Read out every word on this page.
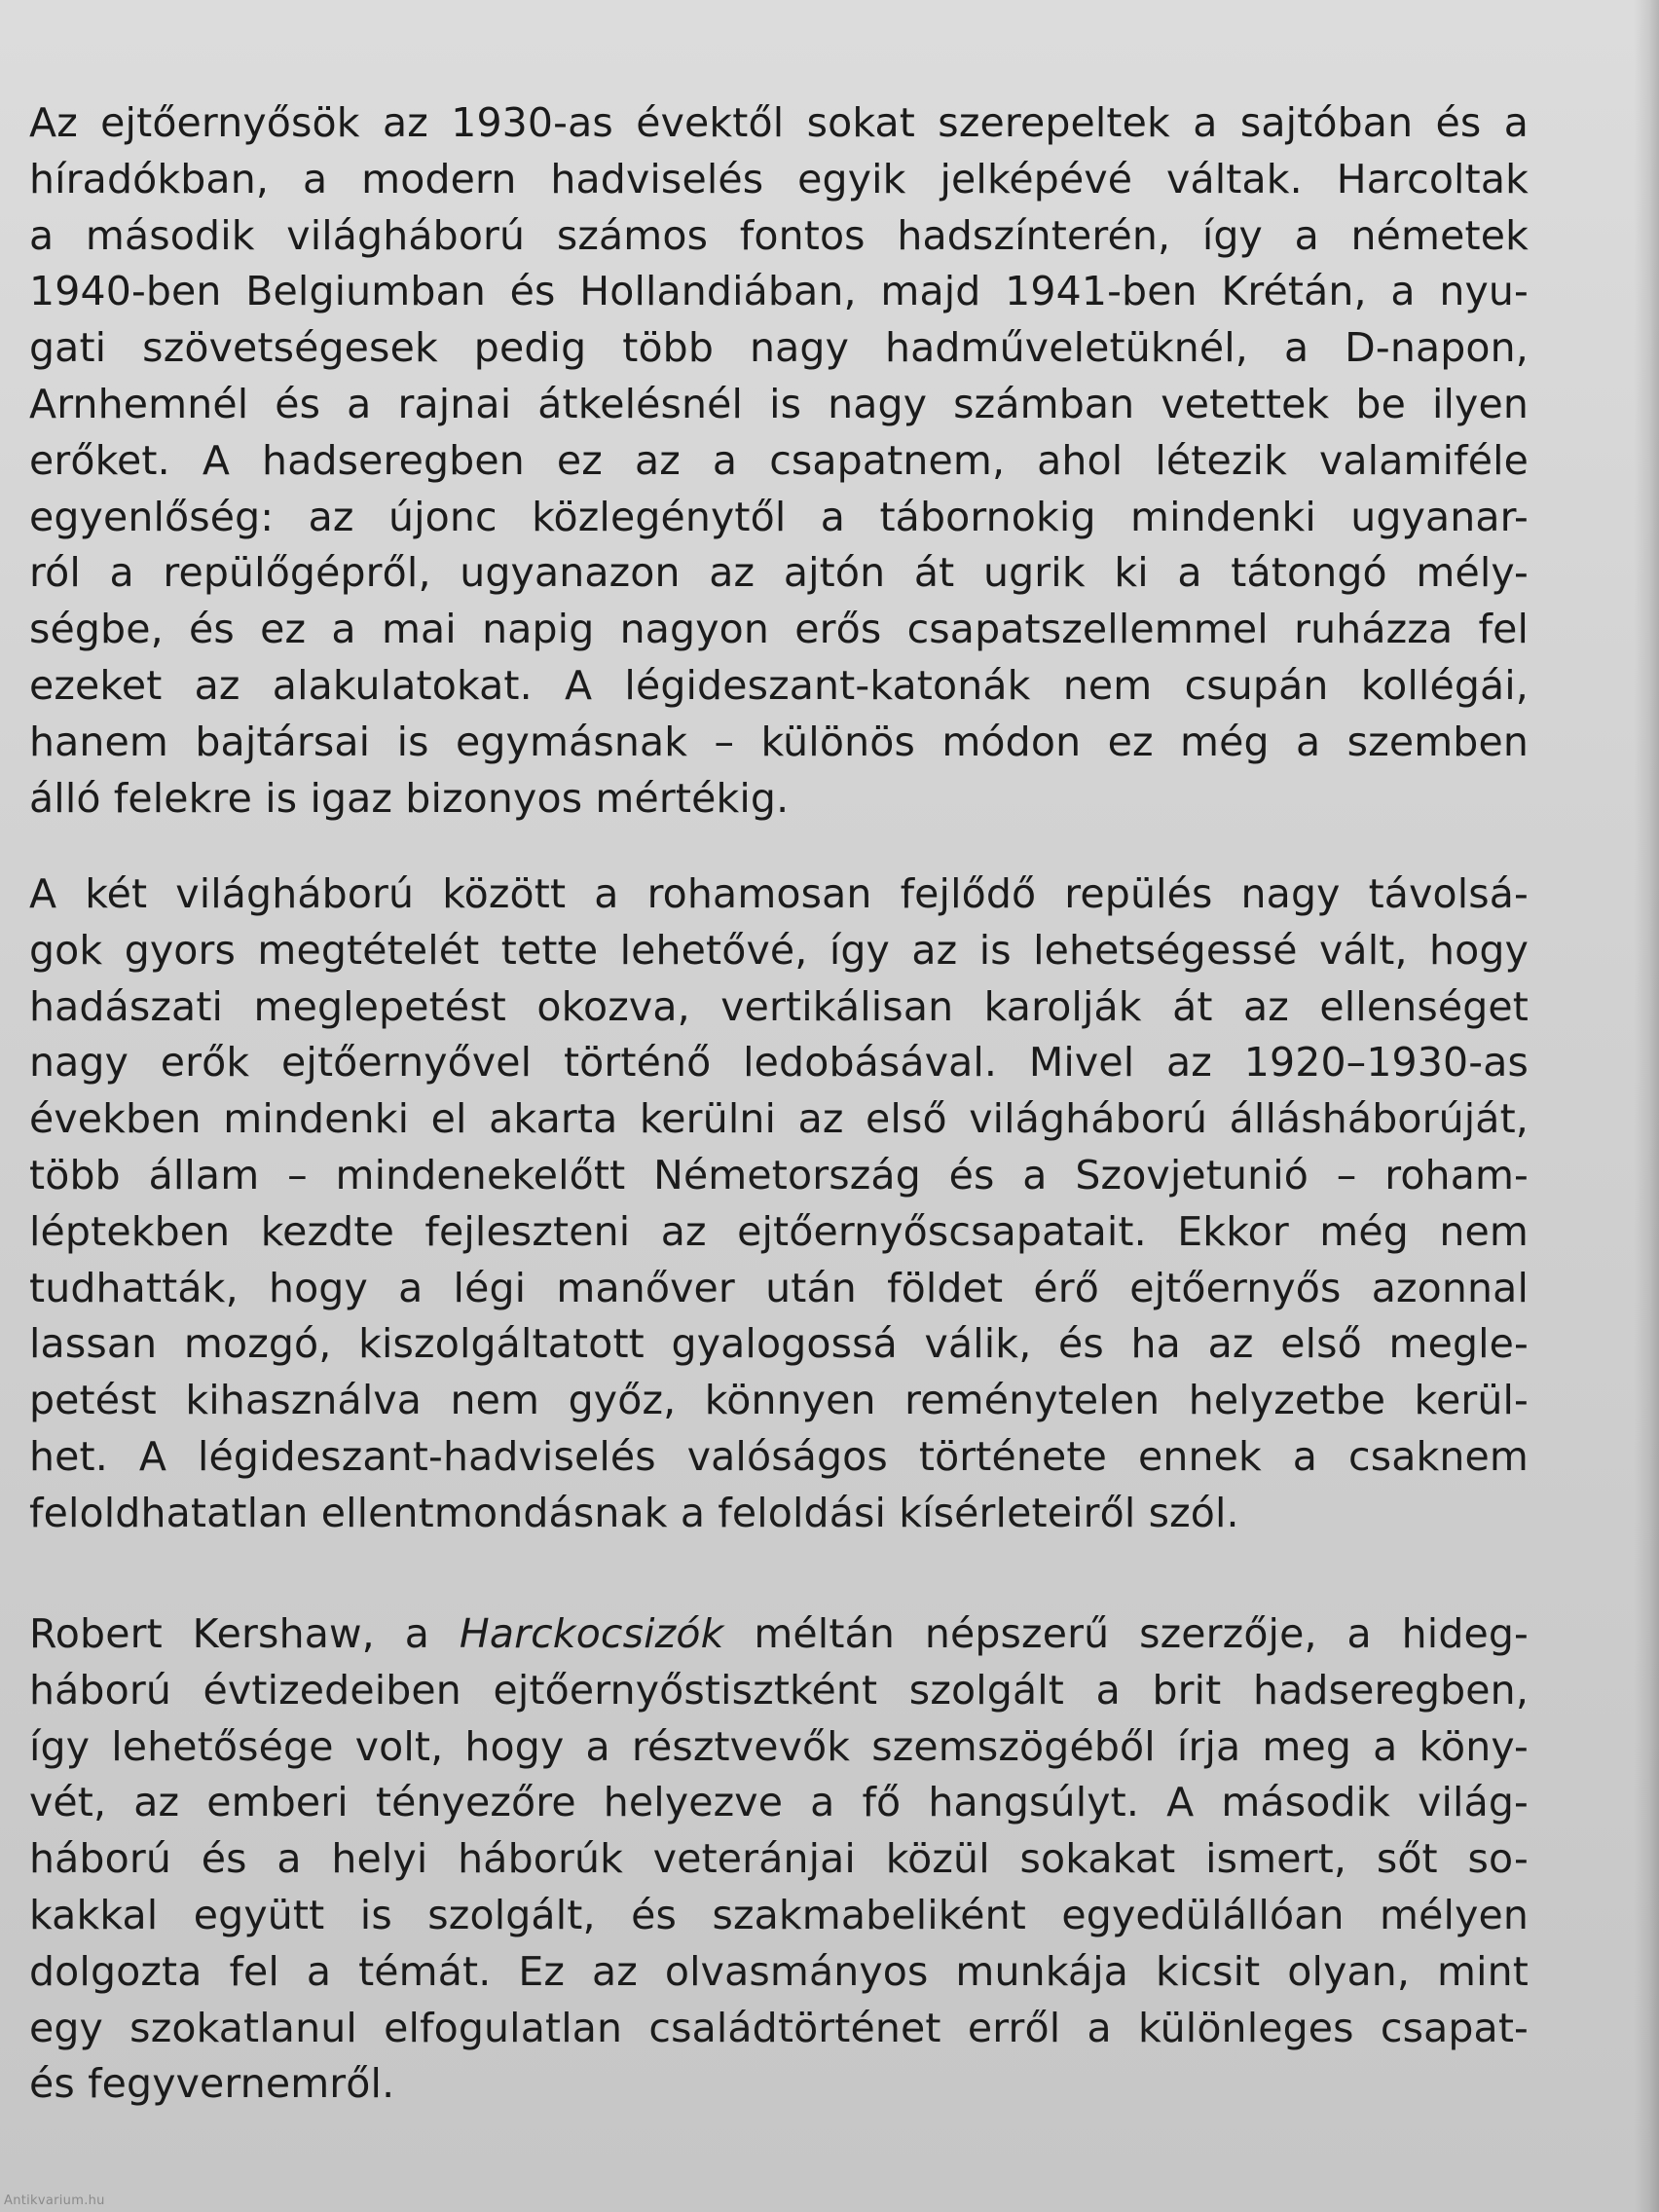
Az ejtőernyősök az 1930-as évektől sokat szerepeltek a sajtóban és a
híradókban, a modern hadviselés egyik jelképévé váltak. Harcoltak
a második világháború számos fontos hadszínterén, így a németek
1940-ben Belgiumban és Hollandiában, majd 1941-ben Krétán, a nyu-
gati szövetségesek pedig több nagy hadműveletüknél, a D-napon,
Arnhemnél és a rajnai átkelésnél is nagy számban vetettek be ilyen
erőket. A hadseregben ez az a csapatnem, ahol létezik valamiféle
egyenlőség: az újonc közlegénytől a tábornokig mindenki ugyanar-
ról a repülőgépről, ugyanazon az ajtón át ugrik ki a tátongó mély-
ségbe, és ez a mai napig nagyon erős csapatszellemmel ruházza fel
ezeket az alakulatokat. A légideszant-katonák nem csupán kollégái,
hanem bajtársai is egymásnak – különös módon ez még a szemben
álló felekre is igaz bizonyos mértékig.

A két világháború között a rohamosan fejlődő repülés nagy távolsá-
gok gyors megtételét tette lehetővé, így az is lehetségessé vált, hogy
hadászati meglepetést okozva, vertikálisan karolják át az ellenséget
nagy erők ejtőernyővel történő ledobásával. Mivel az 1920–1930-as
években mindenki el akarta kerülni az első világháború állásháborúját,
több állam – mindenekelőtt Németország és a Szovjetunió – roham-
léptekben kezdte fejleszteni az ejtőernyőscsapatait. Ekkor még nem
tudhatták, hogy a légi manőver után földet érő ejtőernyős azonnal
lassan mozgó, kiszolgáltatott gyalogossá válik, és ha az első megle-
petést kihasználva nem győz, könnyen reménytelen helyzetbe kerül-
het. A légideszant-hadviselés valóságos története ennek a csaknem
feloldhatatlan ellentmondásnak a feloldási kísérleteiről szól.

Robert Kershaw, a Harckocsizók méltán népszerű szerzője, a hideg-
háború évtizedeiben ejtőernyőstisztként szolgált a brit hadseregben,
így lehetősége volt, hogy a résztvevők szemszögéből írja meg a köny-
vét, az emberi tényezőre helyezve a fő hangsúlyt. A második világ-
háború és a helyi háborúk veteránjai közül sokakat ismert, sőt so-
kakkal együtt is szolgált, és szakmabeliként egyedülállóan mélyen
dolgozta fel a témát. Ez az olvasmányos munkája kicsit olyan, mint
egy szokatlanul elfogulatlan családtörténet erről a különleges csapat-
és fegyvernemről.

Antikvarium.hu
